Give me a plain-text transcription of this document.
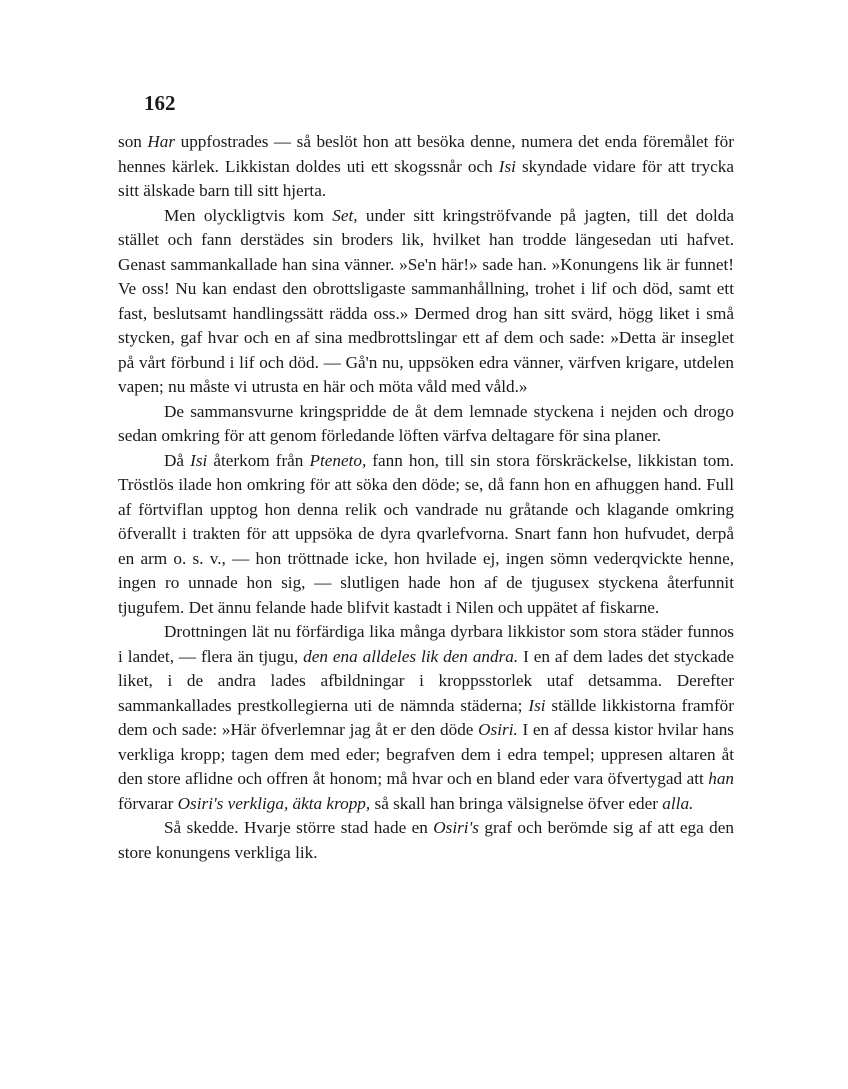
162

son Har uppfostrades — så beslöt hon att besöka denne, numera det enda föremålet för hennes kärlek. Likkistan doldes uti ett skogssnår och Isi skyndade vidare för att trycka sitt älskade barn till sitt hjerta.

Men olyckligtvis kom Set, under sitt kringströfvande på jagten, till det dolda stället och fann derstädes sin broders lik, hvilket han trodde längesedan uti hafvet. Genast sammankallade han sina vänner. »Se'n här!» sade han. »Konungens lik är funnet! Ve oss! Nu kan endast den obrottsligaste sammanhållning, trohet i lif och död, samt ett fast, beslutsamt handlingssätt rädda oss.» Dermed drog han sitt svärd, högg liket i små stycken, gaf hvar och en af sina medbrottslingar ett af dem och sade: »Detta är inseglet på vårt förbund i lif och död. — Gå'n nu, uppsöken edra vänner, värfven krigare, utdelen vapen; nu måste vi utrusta en här och möta våld med våld.»

De sammansvurne kringspridde de åt dem lemnade styckena i nejden och drogo sedan omkring för att genom förledande löften värfva deltagare för sina planer.

Då Isi återkom från Pteneto, fann hon, till sin stora förskräckelse, likkistan tom. Tröstlös ilade hon omkring för att söka den döde; se, då fann hon en afhuggen hand. Full af förtviflan upptog hon denna relik och vandrade nu gråtande och klagande omkring öfverallt i trakten för att uppsöka de dyra qvarlefvorna. Snart fann hon hufvudet, derpå en arm o. s. v., — hon tröttnade icke, hon hvilade ej, ingen sömn vederqvickte henne, ingen ro unnade hon sig, — slutligen hade hon af de tjugusex styckena återfunnit tjugufem. Det ännu felande hade blifvit kastadt i Nilen och uppätet af fiskarne.

Drottningen lät nu förfärdiga lika många dyrbara likkistor som stora städer funnos i landet, — flera än tjugu, den ena alldeles lik den andra. I en af dem lades det styckade liket, i de andra lades afbildningar i kroppsstorlek utaf detsamma. Derefter sammankallades prestkollegierna uti de nämnda städerna; Isi ställde likkistorna framför dem och sade: »Här öfverlemnar jag åt er den döde Osiri. I en af dessa kistor hvilar hans verkliga kropp; tagen dem med eder; begrafven dem i edra tempel; uppresen altaren åt den store aflidne och offren åt honom; må hvar och en bland eder vara öfvertygad att han förvarar Osiri's verkliga, äkta kropp, så skall han bringa välsignelse öfver eder alla.

Så skedde. Hvarje större stad hade en Osiri's graf och berömde sig af att ega den store konungens verkliga lik.
